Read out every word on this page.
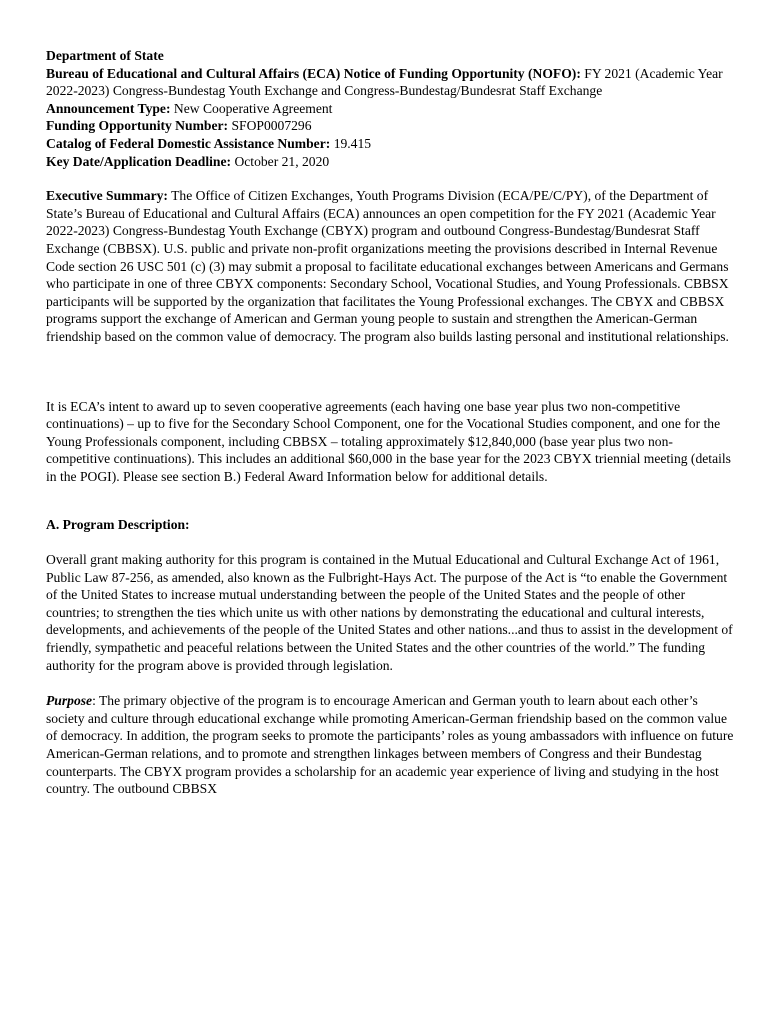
Department of State
Bureau of Educational and Cultural Affairs (ECA) Notice of Funding Opportunity (NOFO): FY 2021 (Academic Year 2022-2023) Congress-Bundestag Youth Exchange and Congress-Bundestag/Bundesrat Staff Exchange
Announcement Type: New Cooperative Agreement
Funding Opportunity Number: SFOP0007296
Catalog of Federal Domestic Assistance Number: 19.415
Key Date/Application Deadline: October 21, 2020

Executive Summary: The Office of Citizen Exchanges, Youth Programs Division (ECA/PE/C/PY), of the Department of State’s Bureau of Educational and Cultural Affairs (ECA) announces an open competition for the FY 2021 (Academic Year 2022-2023) Congress-Bundestag Youth Exchange (CBYX) program and outbound Congress-Bundestag/Bundesrat Staff Exchange (CBBSX). U.S. public and private non-profit organizations meeting the provisions described in Internal Revenue Code section 26 USC 501 (c) (3) may submit a proposal to facilitate educational exchanges between Americans and Germans who participate in one of three CBYX components: Secondary School, Vocational Studies, and Young Professionals. CBBSX participants will be supported by the organization that facilitates the Young Professional exchanges. The CBYX and CBBSX programs support the exchange of American and German young people to sustain and strengthen the American-German friendship based on the common value of democracy. The program also builds lasting personal and institutional relationships.

It is ECA’s intent to award up to seven cooperative agreements (each having one base year plus two non-competitive continuations) – up to five for the Secondary School Component, one for the Vocational Studies component, and one for the Young Professionals component, including CBBSX – totaling approximately $12,840,000 (base year plus two non-competitive continuations). This includes an additional $60,000 in the base year for the 2023 CBYX triennial meeting (details in the POGI). Please see section B.) Federal Award Information below for additional details.

A. Program Description:

Overall grant making authority for this program is contained in the Mutual Educational and Cultural Exchange Act of 1961, Public Law 87-256, as amended, also known as the Fulbright-Hays Act. The purpose of the Act is “to enable the Government of the United States to increase mutual understanding between the people of the United States and the people of other countries; to strengthen the ties which unite us with other nations by demonstrating the educational and cultural interests, developments, and achievements of the people of the United States and other nations...and thus to assist in the development of friendly, sympathetic and peaceful relations between the United States and the other countries of the world.” The funding authority for the program above is provided through legislation.

Purpose: The primary objective of the program is to encourage American and German youth to learn about each other’s society and culture through educational exchange while promoting American-German friendship based on the common value of democracy. In addition, the program seeks to promote the participants’ roles as young ambassadors with influence on future American-German relations, and to promote and strengthen linkages between members of Congress and their Bundestag counterparts. The CBYX program provides a scholarship for an academic year experience of living and studying in the host country. The outbound CBBSX
